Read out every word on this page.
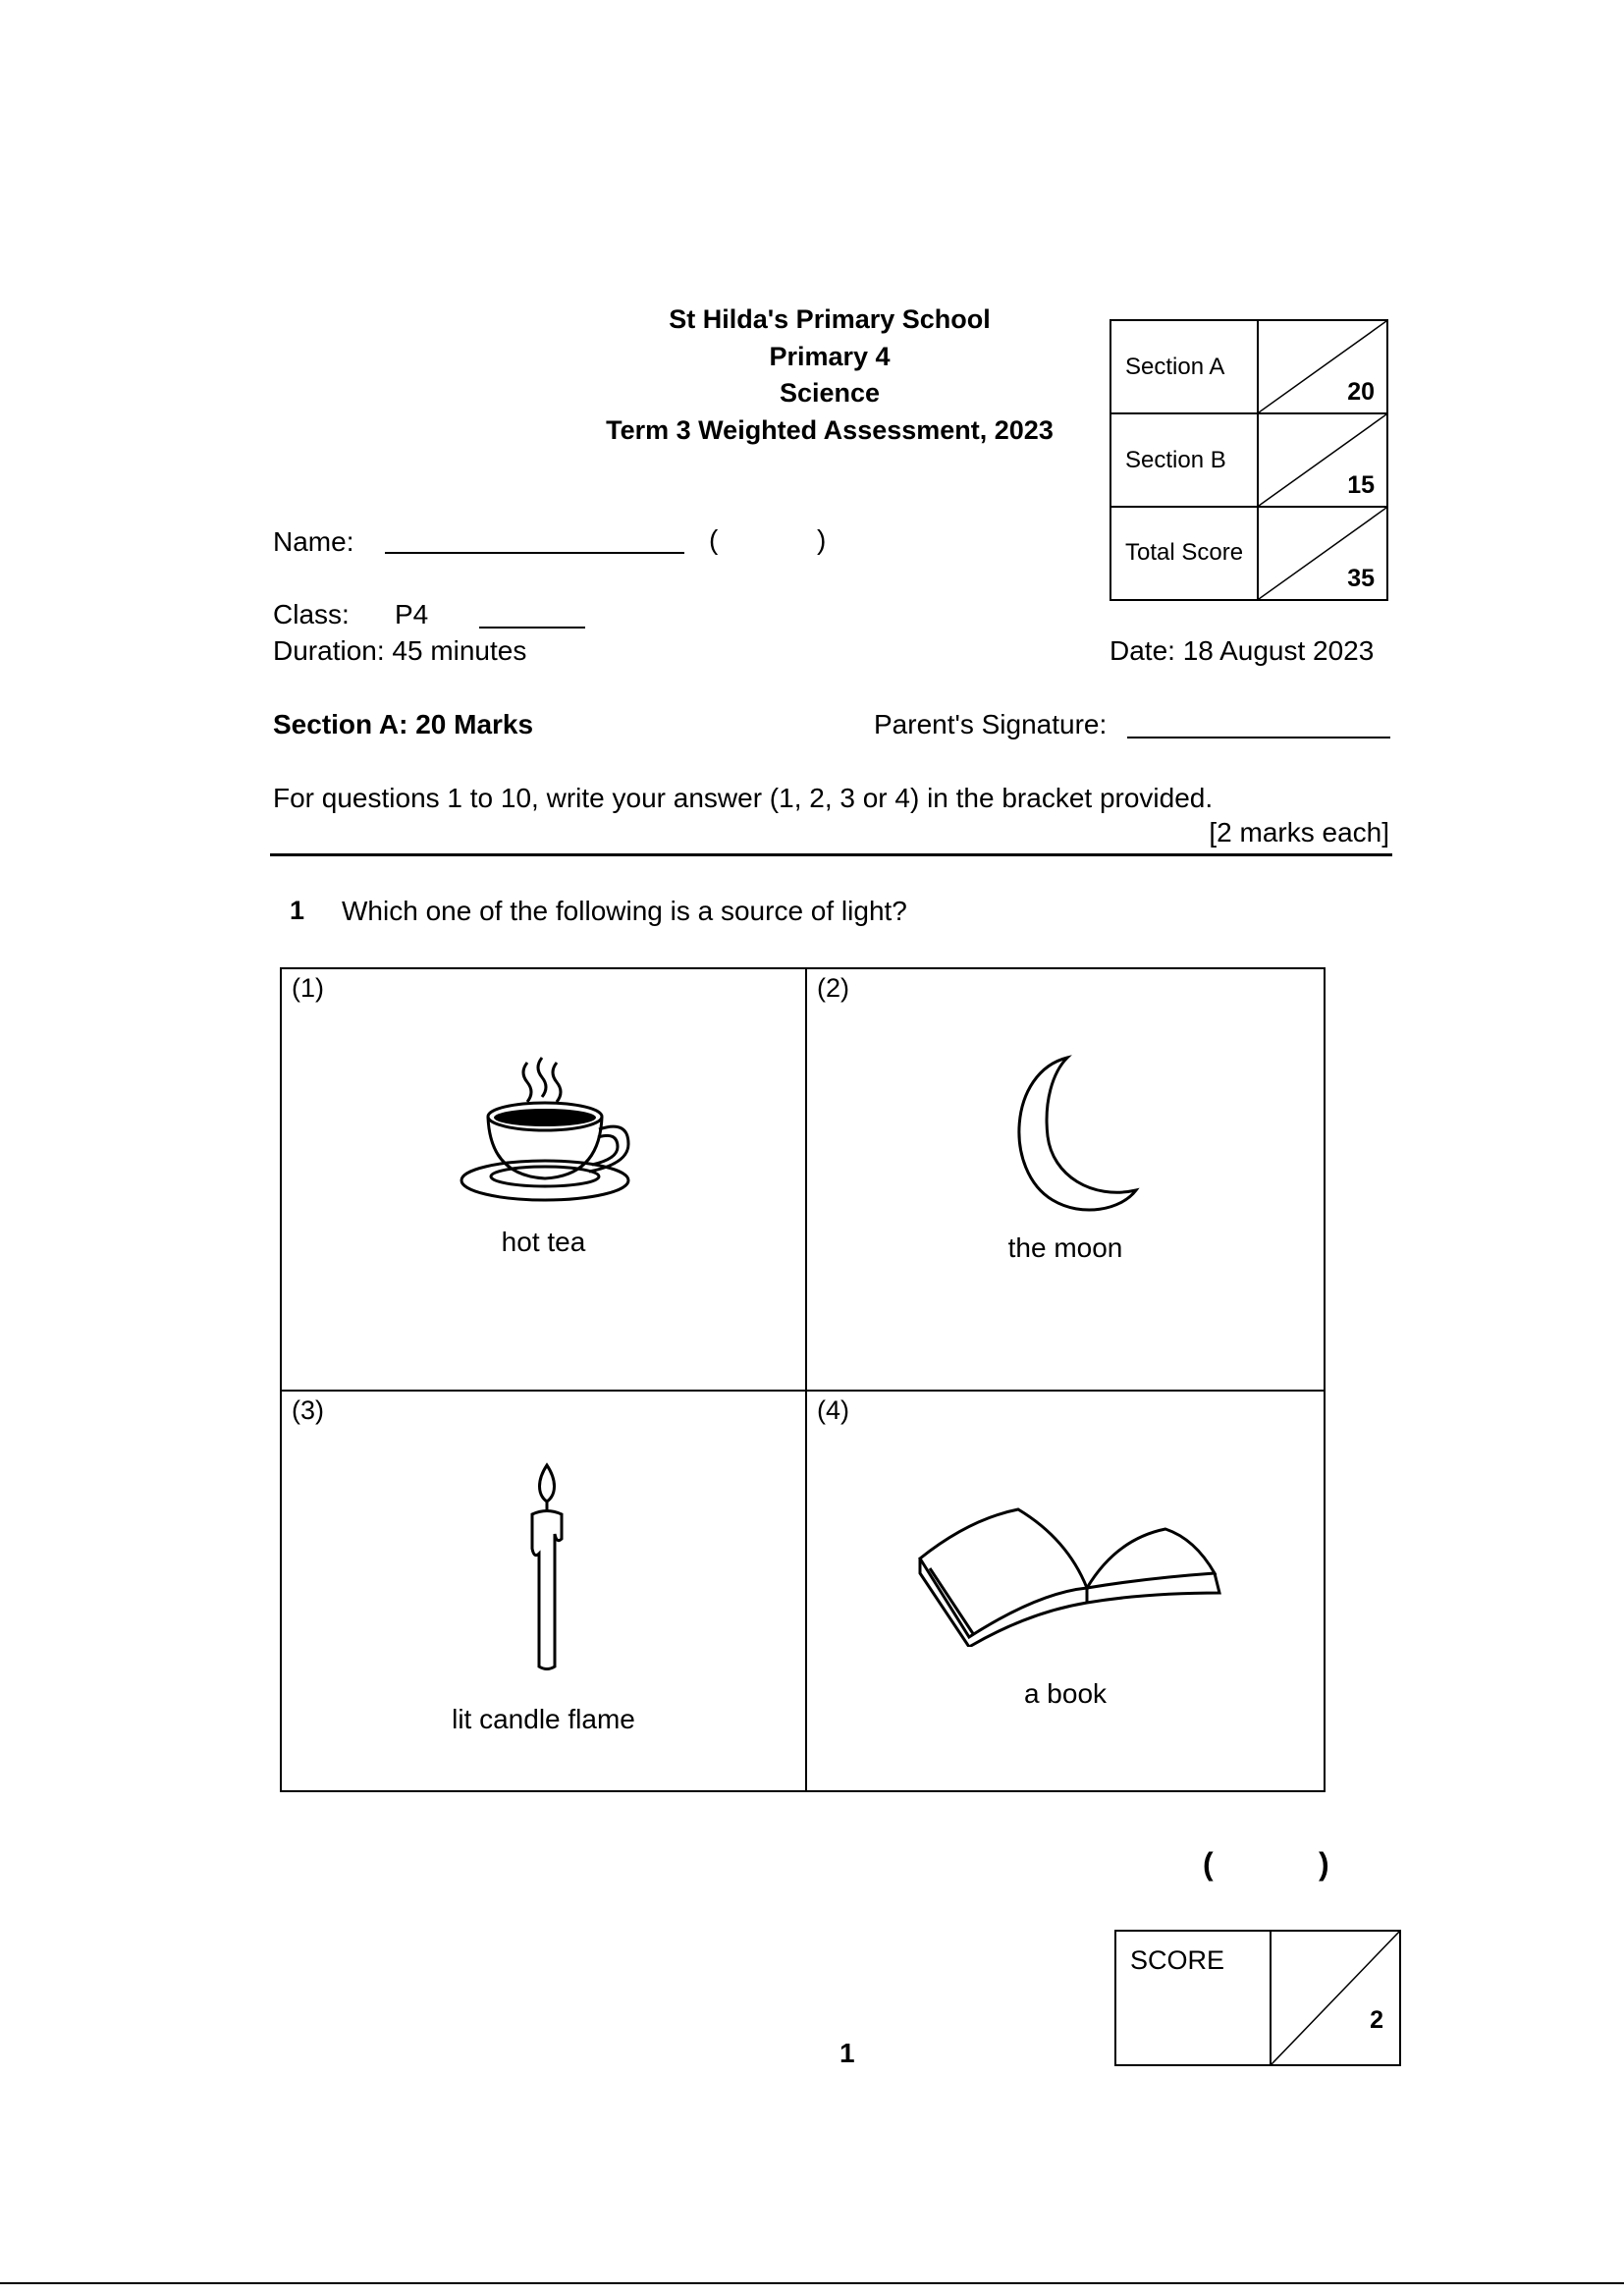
St Hilda's Primary School
Primary 4
Science
Term 3 Weighted Assessment, 2023
Section A	20

Section B	15

Total Score	35
Name:	(	)
Class: P4
Duration: 45 minutes	Date: 18 August 2023
Section A: 20 Marks	Parent's Signature:
For questions 1 to 10, write your answer (1, 2, 3 or 4) in the bracket provided.
[2 marks each]
1 Which one of the following is a source of light?
(1)
hot tea
(2)
the moon
(3)
lit candle flame
(4)
a book
(	)
SCORE	
2
1
